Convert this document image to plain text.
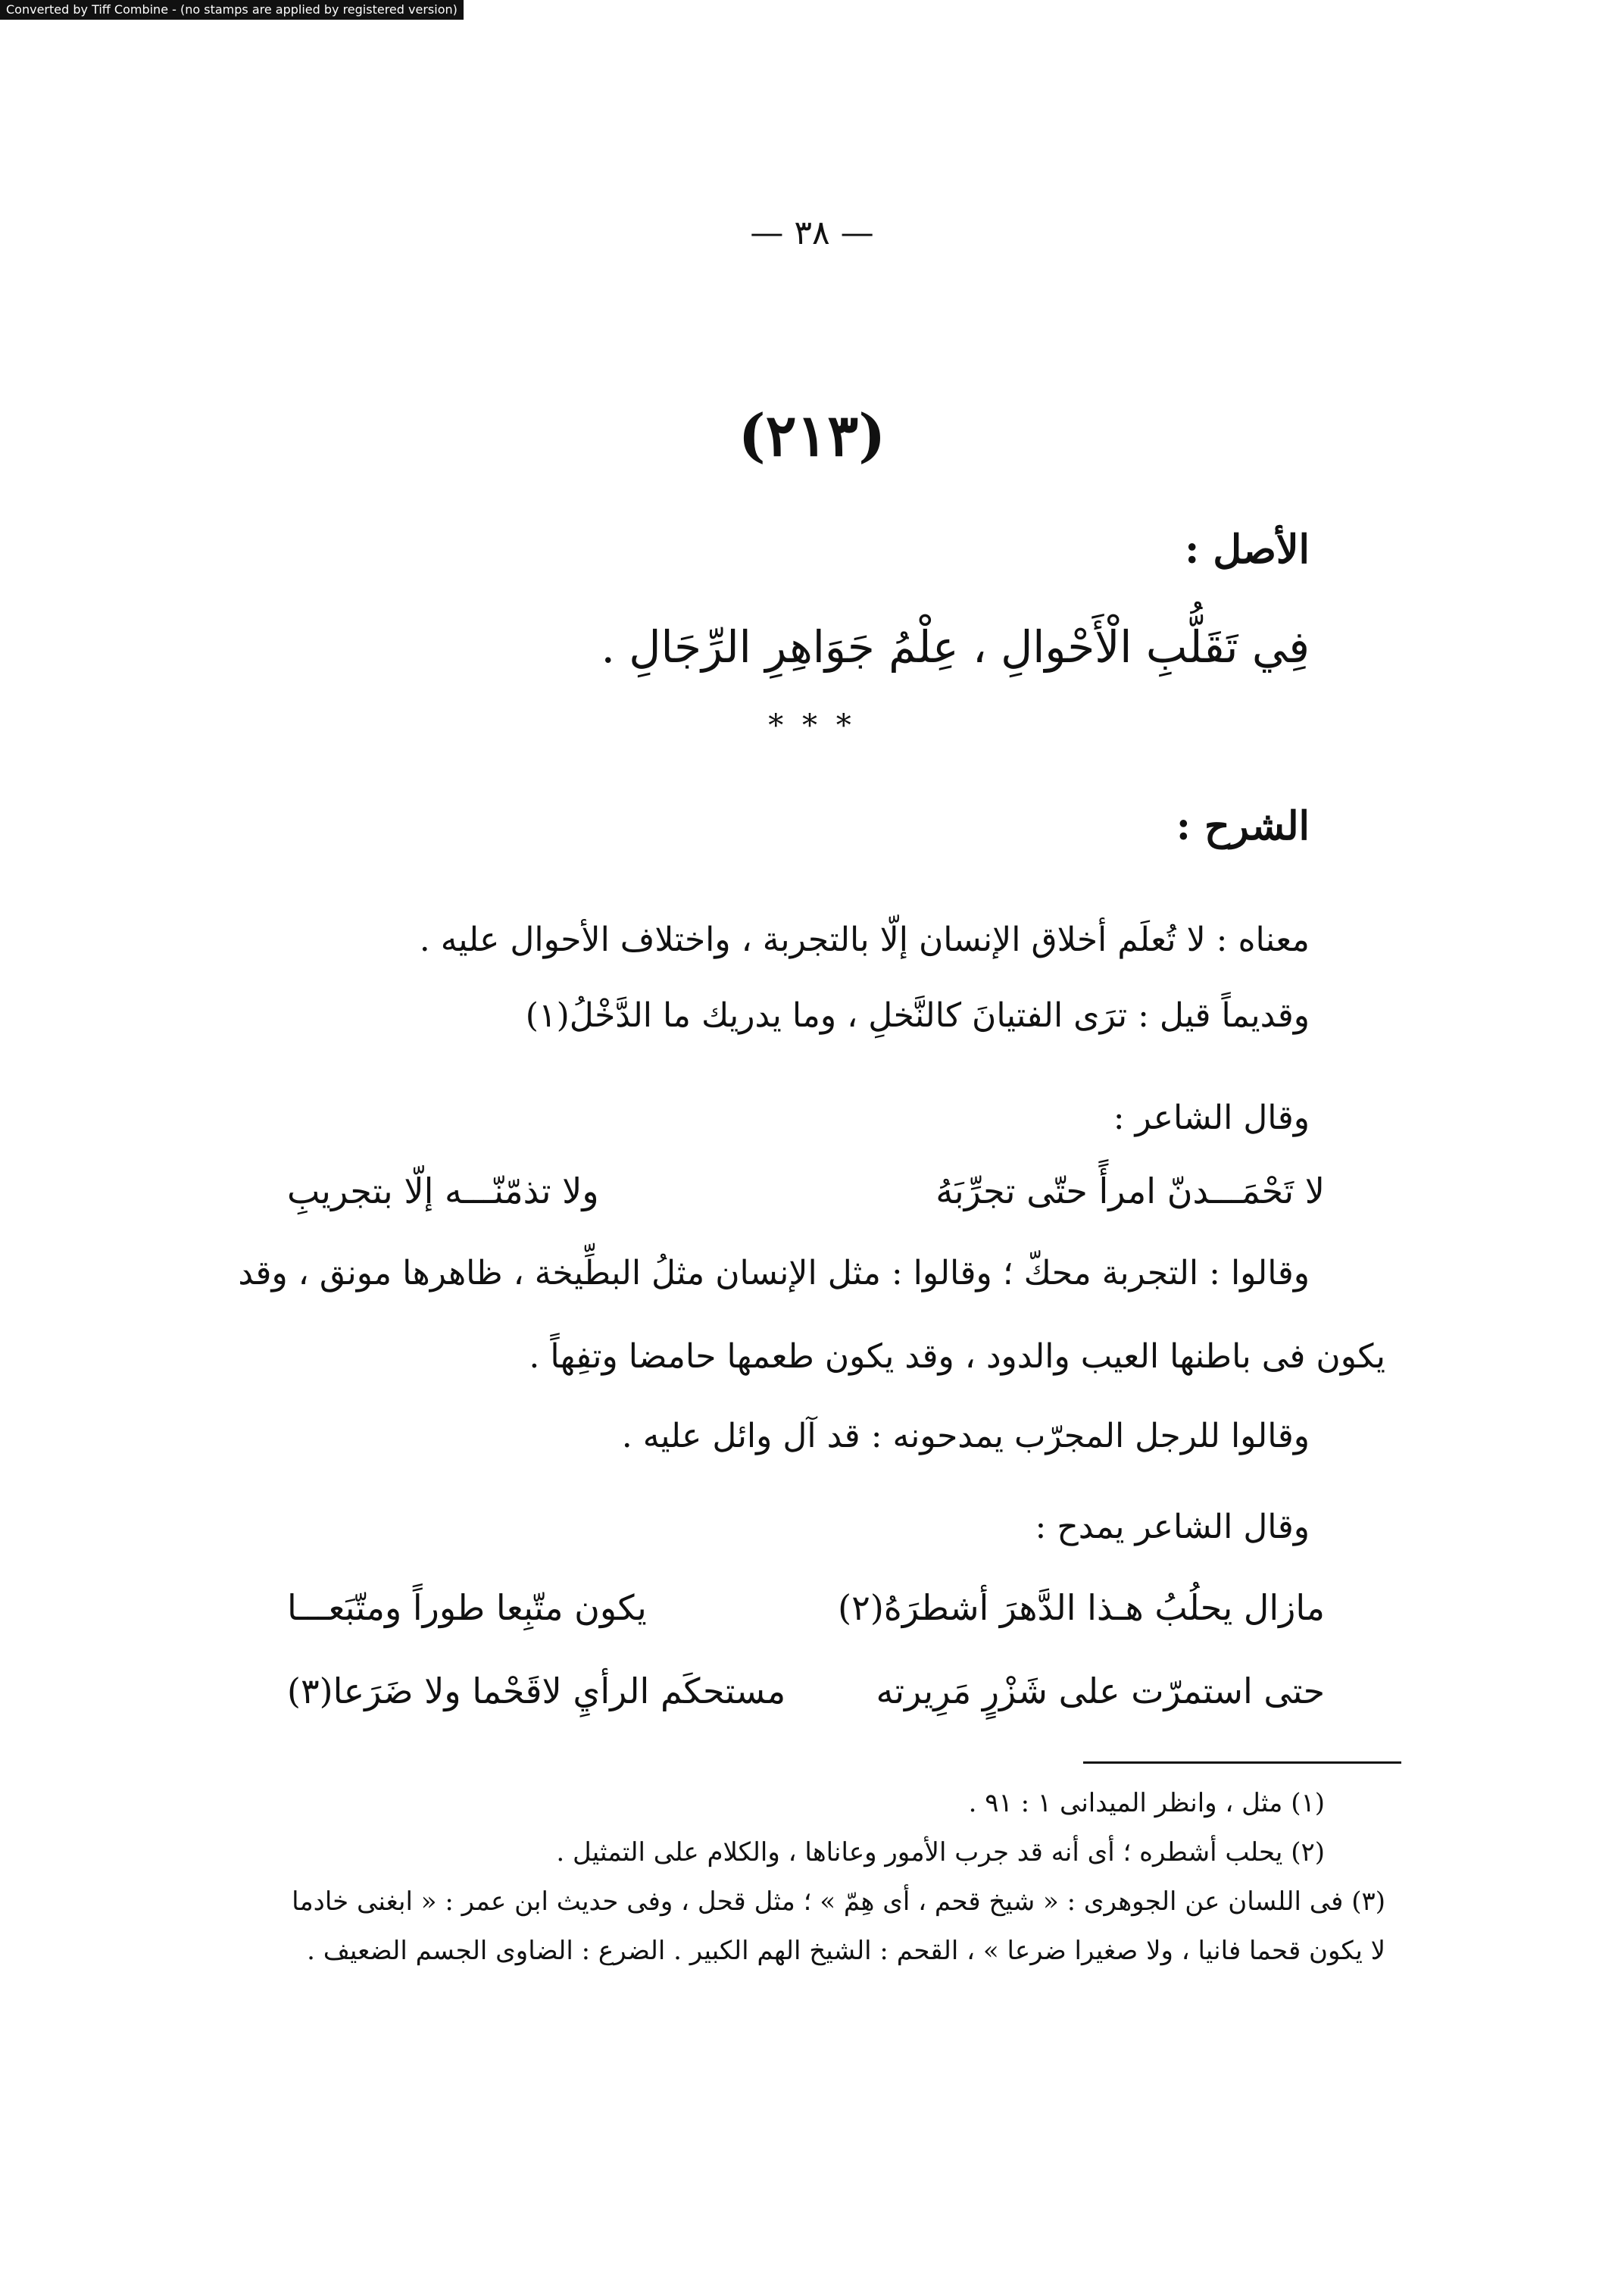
Converted by Tiff Combine - (no stamps are applied by registered version)
— ٣٨ —
(٢١٣)
الأصل :
فِي تَقَلُّبِ الْأَحْوالِ ، عِلْمُ جَوَاهِرِ الرِّجَالِ .
* * *
الشرح :
معناه : لا تُعلَم أخلاق الإنسان إلّا بالتجربة ، واختلاف الأحوال عليه .
وقديماً قيل : ترَى الفتيانَ كالنَّخلِ ، وما يدريك ما الدَّخْلُ(١)
وقال الشاعر :
لا تَحْمَـــدنّ امرأً حتّى تجرِّبَهُ
ولا تذمّنّـــه إلّا بتجريبِ
وقالوا : التجربة محكّ ؛ وقالوا : مثل الإنسان مثلُ البطِّيخة ، ظاهرها مونق ، وقد
يكون فى باطنها العيب والدود ، وقد يكون طعمها حامضا وتفِهاً .
وقالوا للرجل المجرّب يمدحونه : قد آل وائل عليه .
وقال الشاعر يمدح :
مازال يحلُبُ هـذا الدَّهرَ أشطرَهُ(٢)
يكون متّبِعا طوراً ومتّبَعـــا
حتى استمرّت على شَزْرٍ مَرِيرته
مستحكَم الرأيِ لاقَحْما ولا ضَرَعا(٣)
(١) مثل ، وانظر الميدانى ١ : ٩١ .
(٢) يحلب أشطره ؛ أى أنه قد جرب الأمور وعاناها ، والكلام على التمثيل .
(٣) فى اللسان عن الجوهرى : « شيخ قحم ، أى هِمّ » ؛ مثل قحل ، وفى حديث ابن عمر : « ابغنى خادما
لا يكون قحما فانيا ، ولا صغيرا ضرعا » ، القحم : الشيخ الهم الكبير . الضرع : الضاوى الجسم الضعيف .
